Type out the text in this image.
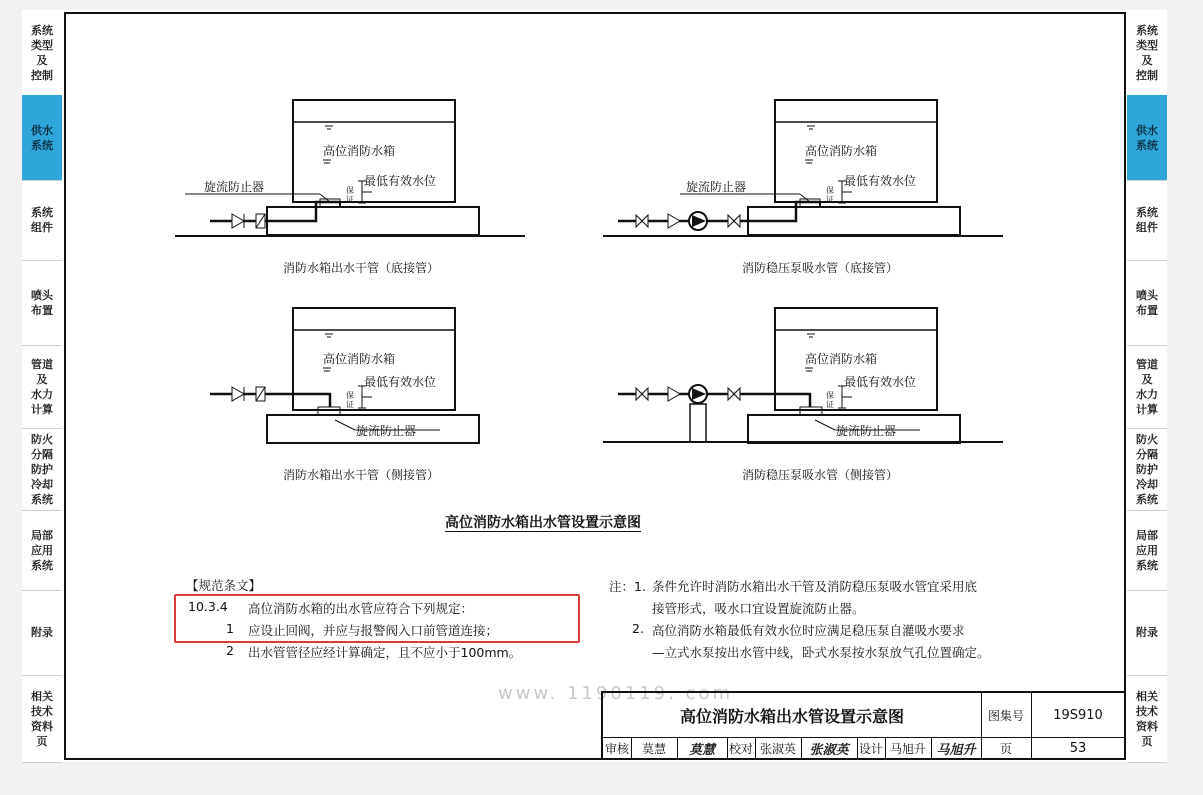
系统
类型
及
控制
供水
系统
系统
组件
喷头
布置
管道
及
水力
计算
防火
分隔
防护
冷却
系统
局部
应用
系统
附录
相关
技术
资料
页
系统
类型
及
控制
供水
系统
系统
组件
喷头
布置
管道
及
水力
计算
防火
分隔
防护
冷却
系统
局部
应用
系统
附录
相关
技术
资料
页
高位消防水箱
最低有效水位
旋流防止器	保
证
消防水箱出水干管（底接管）
高位消防水箱
最低有效水位
旋流防止器	保
证
消防稳压泵吸水管（底接管）
高位消防水箱
最低有效水位
旋流防止器
保
证
消防水箱出水干管（侧接管）
高位消防水箱
最低有效水位
旋流防止器
保
证
消防稳压泵吸水管（侧接管）
高位消防水箱出水管设置示意图
【规范条文】
10.3.4 高位消防水箱的出水管应符合下列规定：
1 应设止回阀，并应与报警阀入口前管道连接；
2 出水管管径应经计算确定，且不应小于100mm。
注：1. 条件允许时消防水箱出水干管及消防稳压泵吸水管宜采用底
接管形式，吸水口宜设置旋流防止器。
2. 高位消防水箱最低有效水位时应满足稳压泵自灌吸水要求
—立式水泵按出水管中线，卧式水泵按水泵放气孔位置确定。
www. 1190119. com
高位消防水箱出水管设置示意图	图集号	19S910
审核	莫慧	莫慧	校对 张淑英	张淑英 设计 马旭升 马旭升	页	53
